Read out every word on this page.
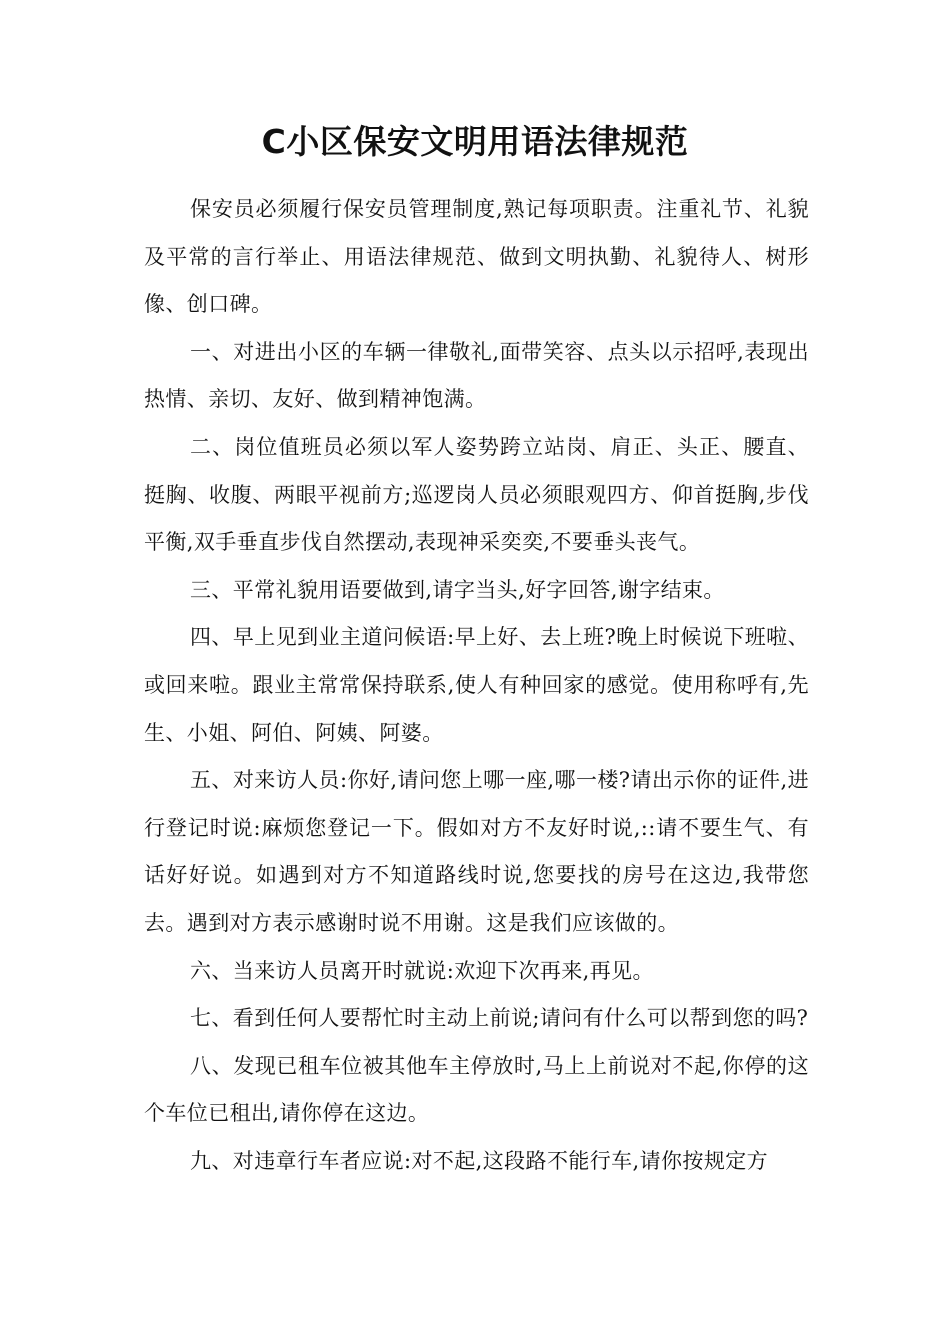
C小区保安文明用语法律规范

保安员必须履行保安员管理制度,熟记每项职责。注重礼节、礼貌及平常的言行举止、用语法律规范、做到文明执勤、礼貌待人、树形像、创口碑。

一、对进出小区的车辆一律敬礼,面带笑容、点头以示招呼,表现出热情、亲切、友好、做到精神饱满。

二、岗位值班员必须以军人姿势跨立站岗、肩正、头正、腰直、挺胸、收腹、两眼平视前方;巡逻岗人员必须眼观四方、仰首挺胸,步伐平衡,双手垂直步伐自然摆动,表现神采奕奕,不要垂头丧气。

三、平常礼貌用语要做到,请字当头,好字回答,谢字结束。

四、早上见到业主道问候语:早上好、去上班?晚上时候说下班啦、或回来啦。跟业主常常保持联系,使人有种回家的感觉。使用称呼有,先生、小姐、阿伯、阿姨、阿婆。

五、对来访人员:你好,请问您上哪一座,哪一楼?请出示你的证件,进行登记时说:麻烦您登记一下。假如对方不友好时说,::请不要生气、有话好好说。如遇到对方不知道路线时说,您要找的房号在这边,我带您去。遇到对方表示感谢时说不用谢。这是我们应该做的。

六、当来访人员离开时就说:欢迎下次再来,再见。

七、看到任何人要帮忙时主动上前说;请问有什么可以帮到您的吗?

八、发现已租车位被其他车主停放时,马上上前说对不起,你停的这个车位已租出,请你停在这边。

九、对违章行车者应说:对不起,这段路不能行车,请你按规定方
